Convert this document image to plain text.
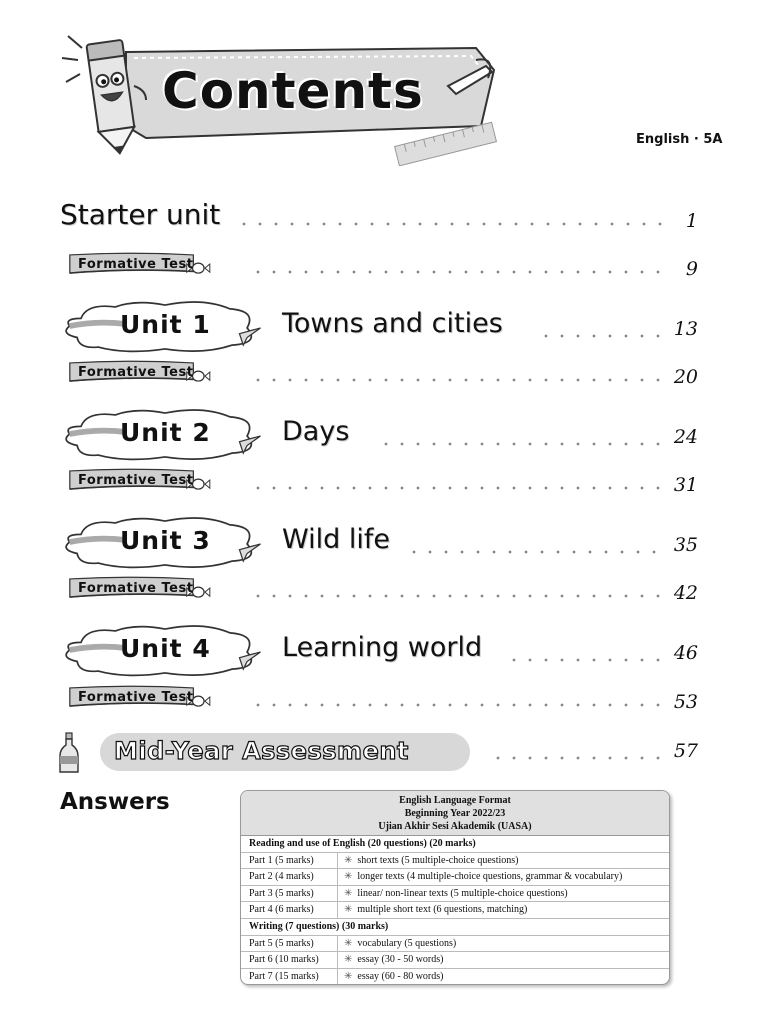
Contents
English · 5A
Starter unit	1
Formative Test	9
Unit 1	Towns and cities	13
Formative Test	20
Unit 2	Days	24
Formative Test	31
Unit 3	Wild life	35
Formative Test	42
Unit 4	Learning world	46
Formative Test	53
Mid-Year Assessment	57
Answers	English Language Format
Beginning Year 2022/23
Ujian Akhir Sesi Akademik (UASA)
Reading and use of English (20 questions) (20 marks)
Part 1 (5 marks)	✳ short texts (5 multiple-choice questions)
Part 2 (4 marks)	✳ longer texts (4 multiple-choice questions, grammar & vocabulary)
Part 3 (5 marks)	✳ linear/ non-linear texts (5 multiple-choice questions)
Part 4 (6 marks)	✳ multiple short text (6 questions, matching)
Writing (7 questions) (30 marks)
Part 5 (5 marks)	✳ vocabulary (5 questions)
Part 6 (10 marks)	✳ essay (30 - 50 words)
Part 7 (15 marks)	✳ essay (60 - 80 words)
